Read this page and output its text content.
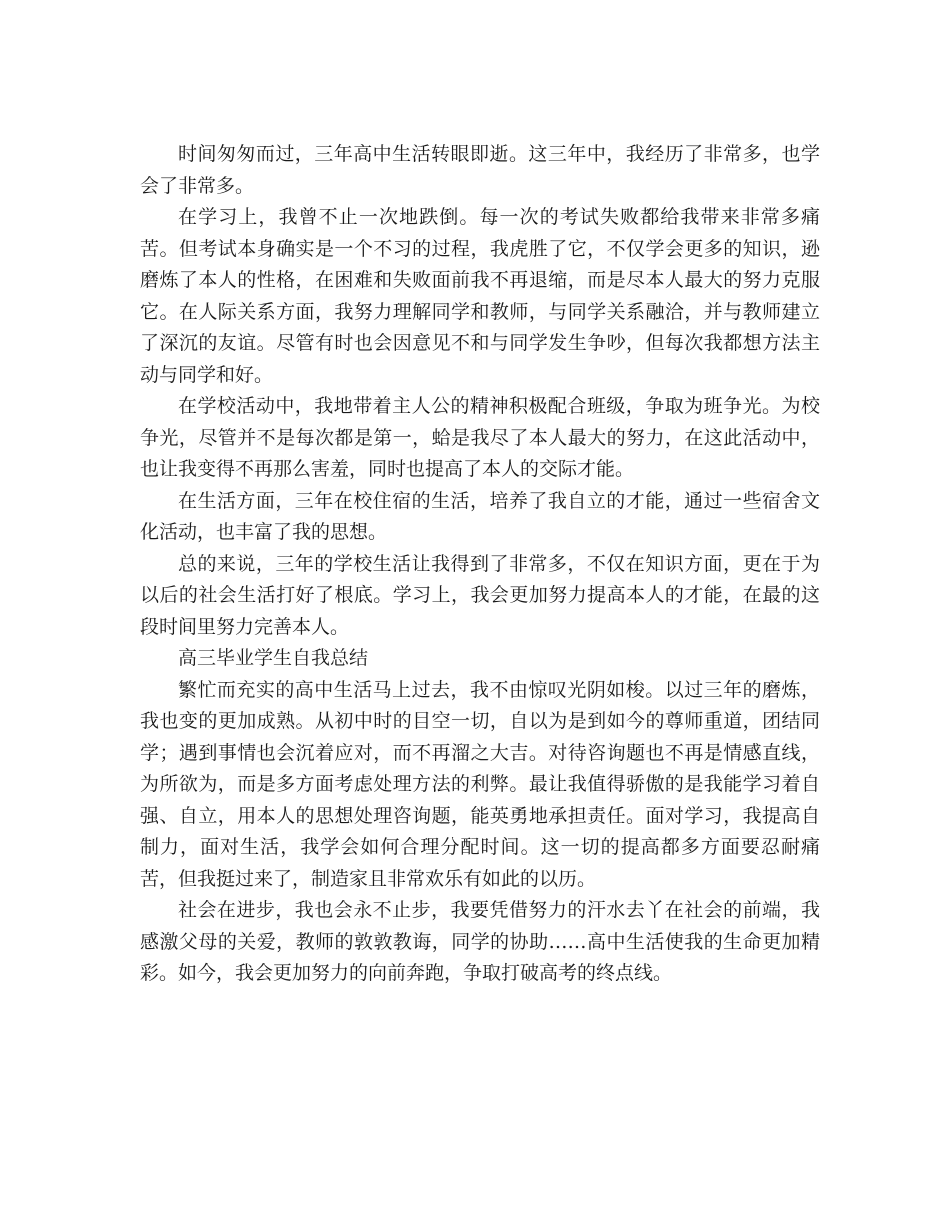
时间匆匆而过，三年高中生活转眼即逝。这三年中，我经历了非常多，也学会了非常多。

在学习上，我曾不止一次地跌倒。每一次的考试失败都给我带来非常多痛苦。但考试本身确实是一个不习的过程，我虎胜了它，不仅学会更多的知识，逊磨炼了本人的性格，在困难和失败面前我不再退缩，而是尽本人最大的努力克服它。在人际关系方面，我努力理解同学和教师，与同学关系融洽，并与教师建立了深沉的友谊。尽管有时也会因意见不和与同学发生争吵，但每次我都想方法主动与同学和好。

在学校活动中，我地带着主人公的精神积极配合班级，争取为班争光。为校争光，尽管并不是每次都是第一，蛤是我尽了本人最大的努力，在这此活动中，也让我变得不再那么害羞，同时也提高了本人的交际才能。

在生活方面，三年在校住宿的生活，培养了我自立的才能，通过一些宿舍文化活动，也丰富了我的思想。

总的来说，三年的学校生活让我得到了非常多，不仅在知识方面，更在于为以后的社会生活打好了根底。学习上，我会更加努力提高本人的才能，在最的这段时间里努力完善本人。

高三毕业学生自我总结

繁忙而充实的高中生活马上过去，我不由惊叹光阴如梭。以过三年的磨炼，我也变的更加成熟。从初中时的目空一切，自以为是到如今的尊师重道，团结同学；遇到事情也会沉着应对，而不再溜之大吉。对待咨询题也不再是情感直线，为所欲为，而是多方面考虑处理方法的利弊。最让我值得骄傲的是我能学习着自强、自立，用本人的思想处理咨询题，能英勇地承担责任。面对学习，我提高自制力，面对生活，我学会如何合理分配时间。这一切的提高都多方面要忍耐痛苦，但我挺过来了，制造家且非常欢乐有如此的以历。

社会在进步，我也会永不止步，我要凭借努力的汗水去丫在社会的前端，我感激父母的关爱，教师的敦敦教诲，同学的协助……高中生活使我的生命更加精彩。如今，我会更加努力的向前奔跑，争取打破高考的终点线。
